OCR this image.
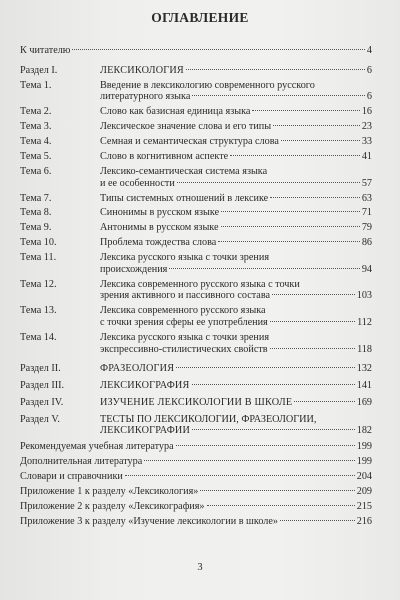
ОГЛАВЛЕНИЕ
К читателю	4
Раздел I.	ЛЕКСИКОЛОГИЯ	6
Тема 1.	Введение в лексикологию современного русского
литературного языка	6
Тема 2.	Слово как базисная единица языка	16
Тема 3.	Лексическое значение слова и его типы	23
Тема 4.	Семная и семантическая структура слова	33
Тема 5.	Слово в когнитивном аспекте	41
Тема 6.	Лексико-семантическая система языка
и ее особенности	57
Тема 7.	Типы системных отношений в лексике	63
Тема 8.	Синонимы в русском языке	71
Тема 9.	Антонимы в русском языке	79
Тема 10.	Проблема тождества слова	86
Тема 11.	Лексика русского языка с точки зрения
происхождения	94
Тема 12.	Лексика современного русского языка с точки
зрения активного и пассивного состава	103
Тема 13.	Лексика современного русского языка
с точки зрения сферы ее употребления	112
Тема 14.	Лексика русского языка с точки зрения
экспрессивно-стилистических свойств	118
Раздел II.	ФРАЗЕОЛОГИЯ	132
Раздел III.	ЛЕКСИКОГРАФИЯ	141
Раздел IV.	ИЗУЧЕНИЕ ЛЕКСИКОЛОГИИ В ШКОЛЕ	169
Раздел V.	ТЕСТЫ ПО ЛЕКСИКОЛОГИИ, ФРАЗЕОЛОГИИ,
ЛЕКСИКОГРАФИИ	182
Рекомендуемая учебная литература	199
Дополнительная литература	199
Словари и справочники	204
Приложение 1 к разделу «Лексикология»	209
Приложение 2 к разделу «Лексикография»	215
Приложение 3 к разделу «Изучение лексикологии в школе»	216
3
